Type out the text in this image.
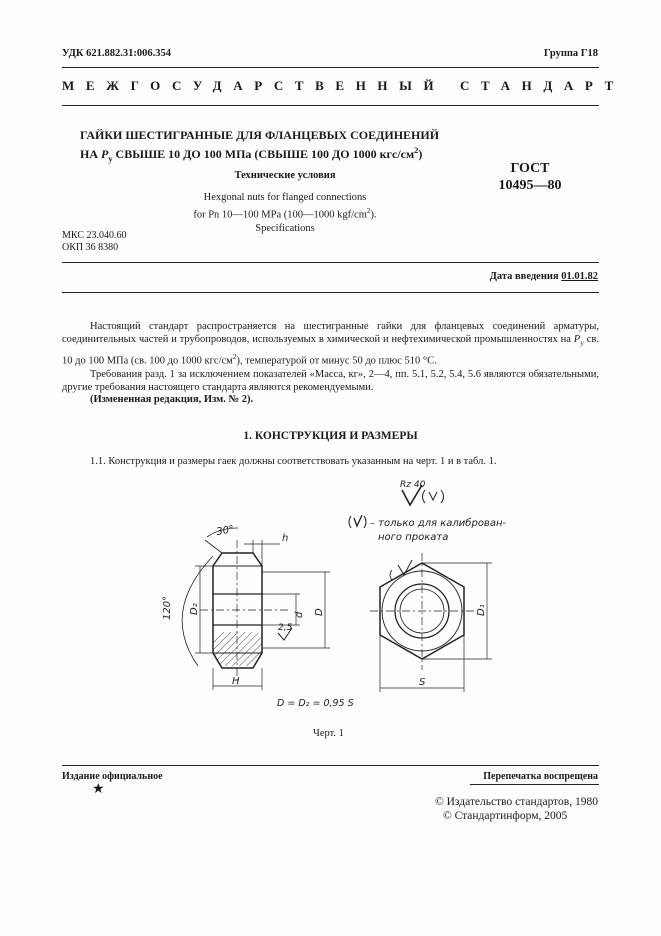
УДК 621.882.31:006.354	Группа Г18
МЕЖГОСУДАРСТВЕННЫЙ СТАНДАРТ
ГАЙКИ ШЕСТИГРАННЫЕ ДЛЯ ФЛАНЦЕВЫХ СОЕДИНЕНИЙ
НА $P_у$ СВЫШЕ 10 ДО 100 МПа (СВЫШЕ 100 ДО 1000 кгс/$см^2$)
Технические условия
Hexgonal nuts for flanged connections
for Pn 10—100 MPa (100—1000 kgf/$cm^2$).
Specifications
ГОСТ
10495—80
МКС 23.040.60
ОКП 36 8380
Дата введения 01.01.82
Настоящий стандарт распространяется на шестигранные гайки для фланцевых соединений арматуры, соединительных частей и трубопроводов, используемых в химической и нефтехимической промышленностях на $P_у$ св. 10 до 100 МПа (св. 100 до 1000 кгс/$см^2$), температурой от минус 50 до плюс 510 °С.
Требования разд. 1 за исключением показателей «Масса, кг», 2—4, пп. 5.1, 5.2, 5.4, 5.6 являются обязательными, другие требования настоящего стандарта являются рекомендуемыми.
(Измененная редакция, Изм. № 2).
1. КОНСТРУКЦИЯ И РАЗМЕРЫ
1.1. Конструкция и размеры гаек должны соответствовать указанным на черт. 1 и в табл. 1.
Rz 40
– только для калиброван-
ного проката
30°
h
120° D₂	d D
2,5
H
D = D₂ = 0,95 S
D₁
S
Черт. 1
Издание официальное
★
Перепечатка воспрещена
© Издательство стандартов, 1980
© Стандартинформ, 2005
